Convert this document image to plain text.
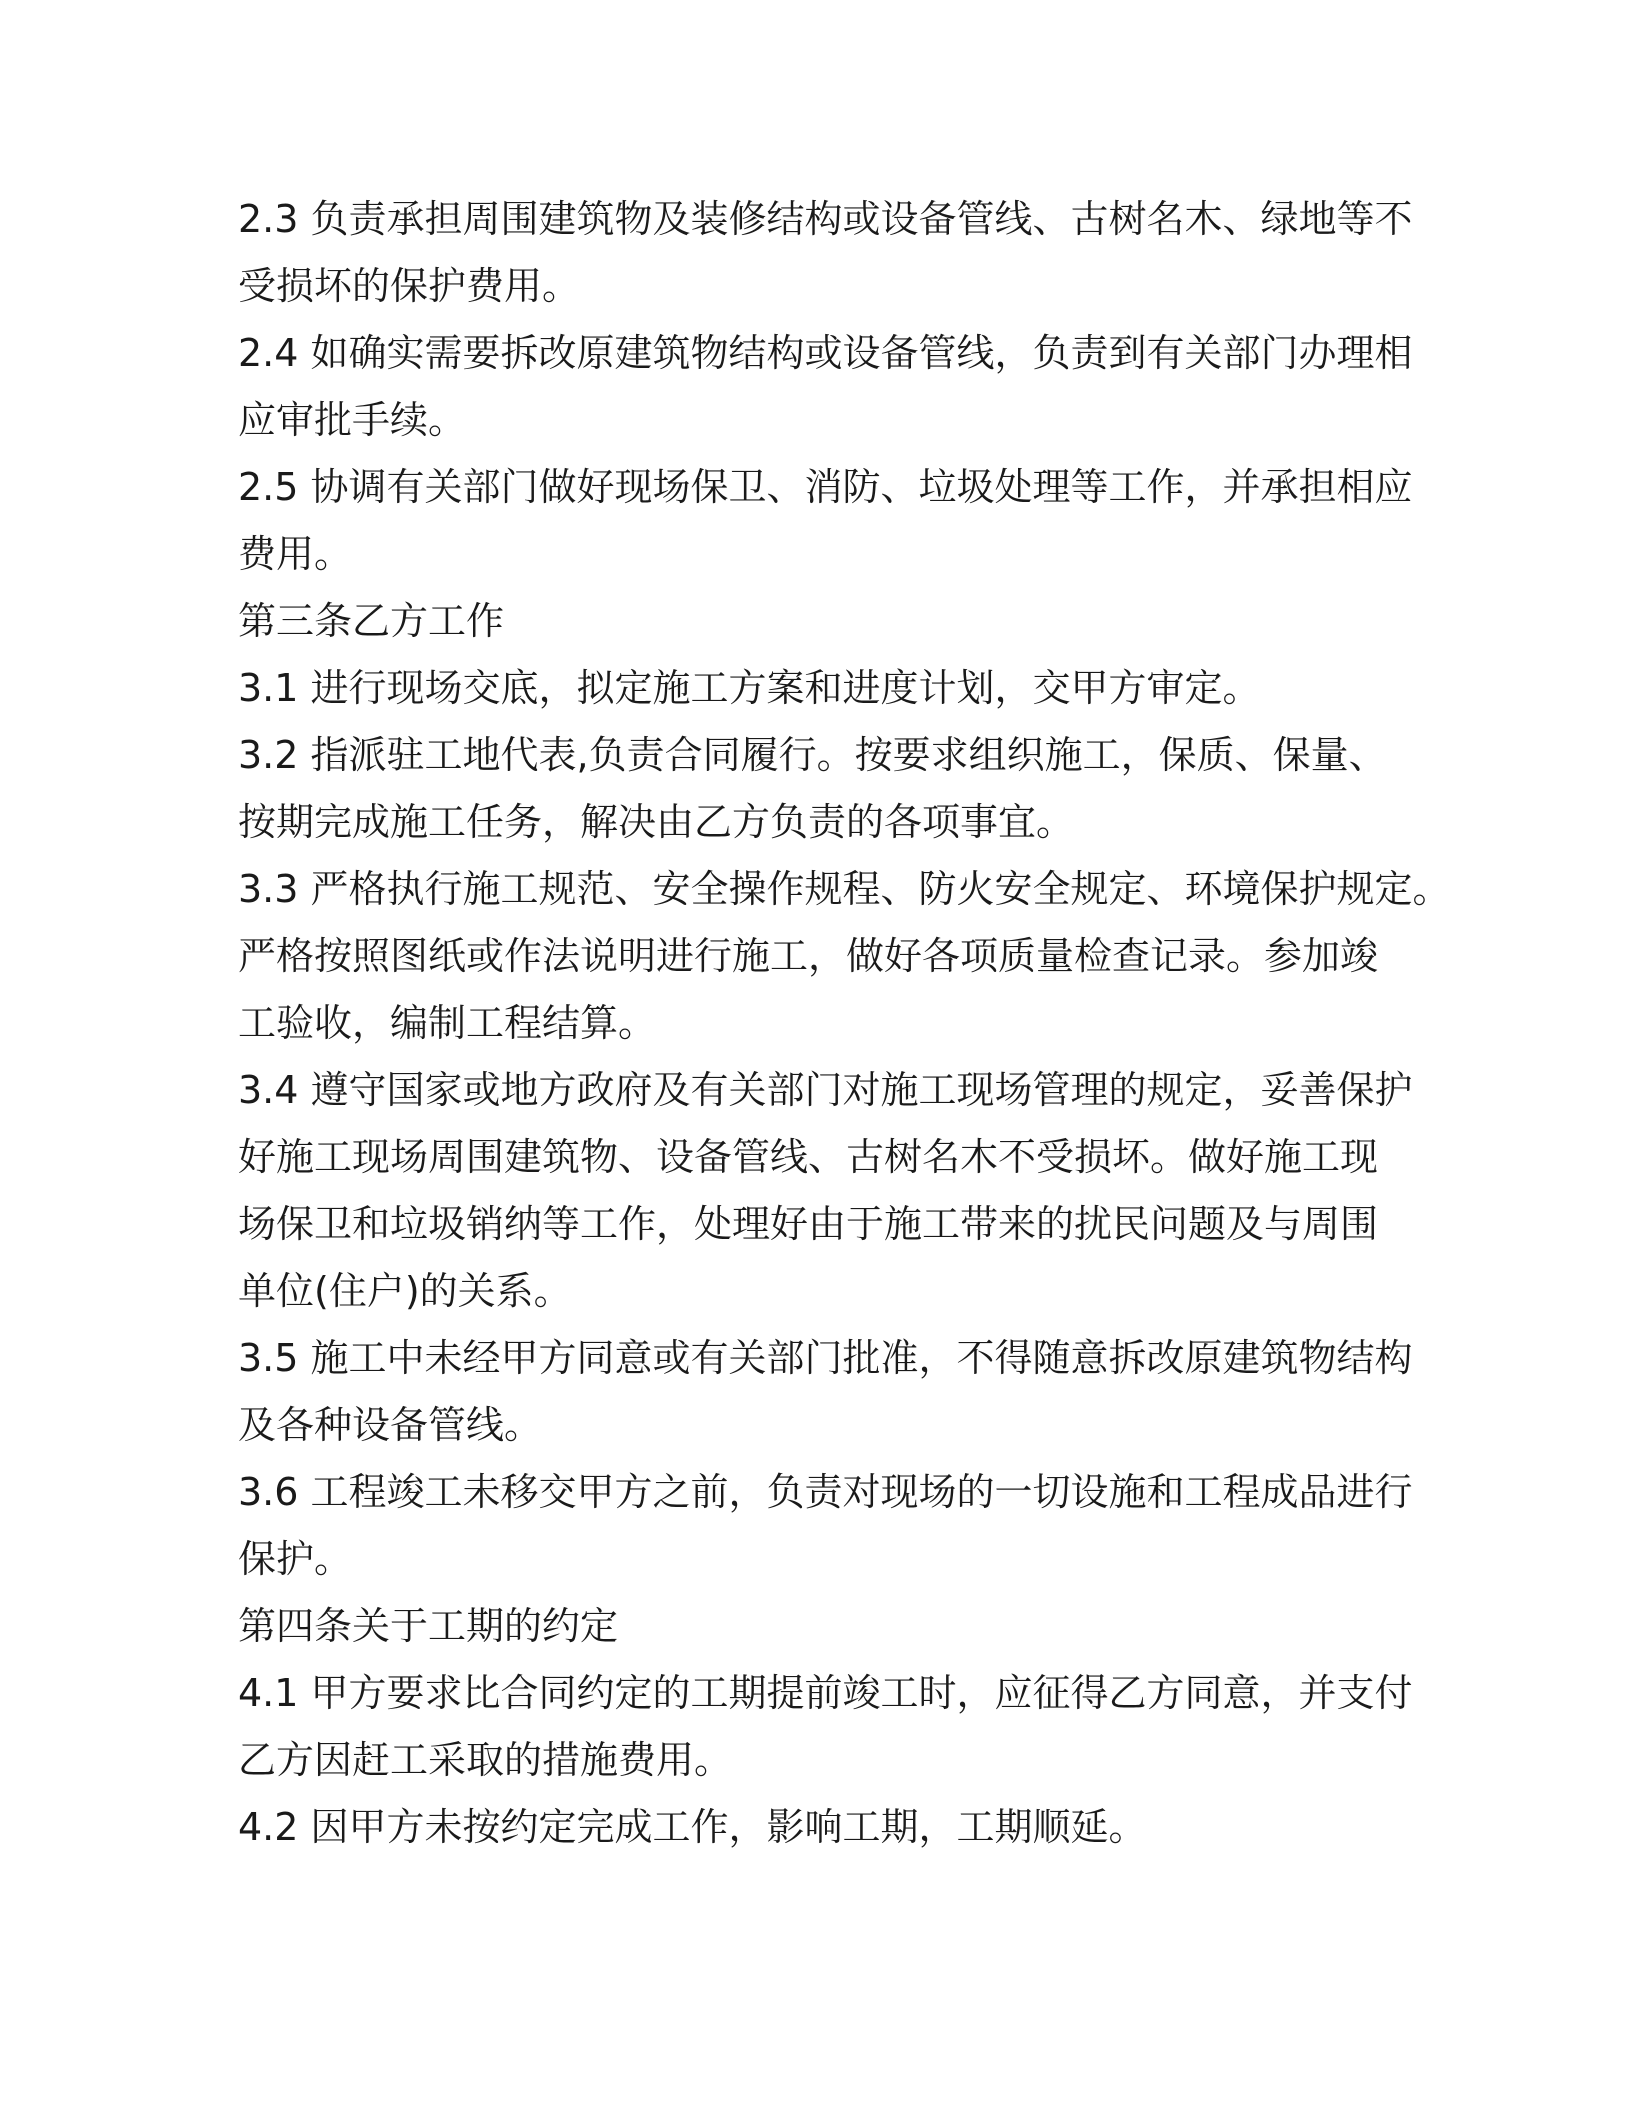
2.3 负责承担周围建筑物及装修结构或设备管线、古树名木、绿地等不
受损坏的保护费用。
2.4 如确实需要拆改原建筑物结构或设备管线，负责到有关部门办理相
应审批手续。
2.5 协调有关部门做好现场保卫、消防、垃圾处理等工作，并承担相应
费用。
第三条乙方工作
3.1 进行现场交底，拟定施工方案和进度计划，交甲方审定。
3.2 指派驻工地代表,负责合同履行。按要求组织施工，保质、保量、
按期完成施工任务，解决由乙方负责的各项事宜。
3.3 严格执行施工规范、安全操作规程、防火安全规定、环境保护规定。
严格按照图纸或作法说明进行施工，做好各项质量检查记录。参加竣
工验收，编制工程结算。
3.4 遵守国家或地方政府及有关部门对施工现场管理的规定，妥善保护
好施工现场周围建筑物、设备管线、古树名木不受损坏。做好施工现
场保卫和垃圾销纳等工作，处理好由于施工带来的扰民问题及与周围
单位(住户)的关系。
3.5 施工中未经甲方同意或有关部门批准，不得随意拆改原建筑物结构
及各种设备管线。
3.6 工程竣工未移交甲方之前，负责对现场的一切设施和工程成品进行
保护。
第四条关于工期的约定
4.1 甲方要求比合同约定的工期提前竣工时，应征得乙方同意，并支付
乙方因赶工采取的措施费用。
4.2 因甲方未按约定完成工作，影响工期，工期顺延。
